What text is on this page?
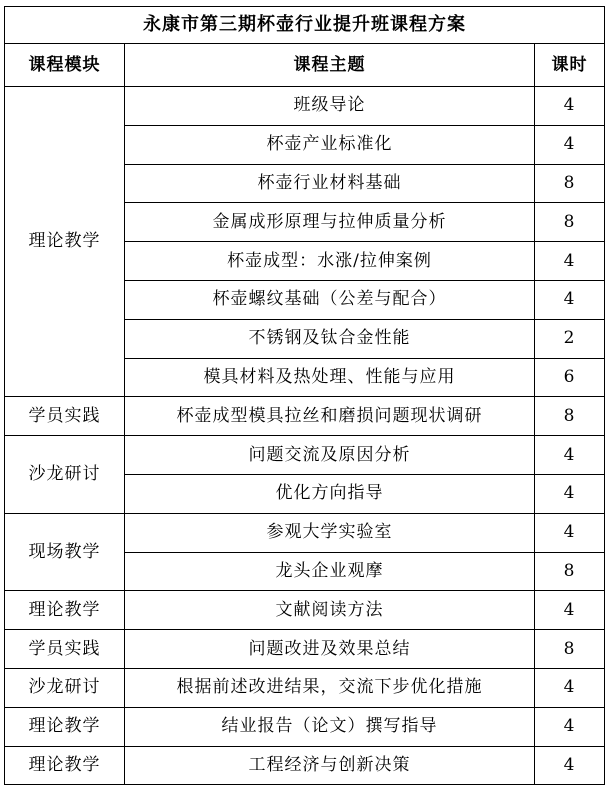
永康市第三期杯壶行业提升班课程方案		
课程模块	课程主题	课时
理论教学	班级导论	4
	杯壶产业标准化	4
	杯壶行业材料基础	8
	金属成形原理与拉伸质量分析	8
	杯壶成型：水涨/拉伸案例	4
	杯壶螺纹基础（公差与配合）	4
	不锈钢及钛合金性能	2
	模具材料及热处理、性能与应用	6
学员实践	杯壶成型模具拉丝和磨损问题现状调研	8
沙龙研讨	问题交流及原因分析	4
	优化方向指导	4
现场教学	参观大学实验室	4
	龙头企业观摩	8
理论教学	文献阅读方法	4
学员实践	问题改进及效果总结	8
沙龙研讨	根据前述改进结果，交流下步优化措施	4
理论教学	结业报告（论文）撰写指导	4
理论教学	工程经济与创新决策	4
